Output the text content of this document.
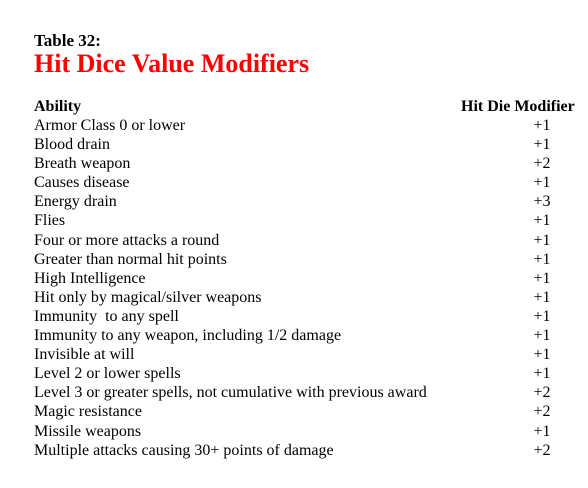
Table 32:
Hit Dice Value Modifiers
Ability	Hit Die Modifier
Armor Class 0 or lower	+1
Blood drain	+1
Breath weapon	+2
Causes disease	+1
Energy drain	+3
Flies	+1
Four or more attacks a round	+1
Greater than normal hit points	+1
High Intelligence	+1
Hit only by magical/silver weapons	+1
Immunity  to any spell	+1
Immunity to any weapon, including 1/2 damage	+1
Invisible at will	+1
Level 2 or lower spells	+1
Level 3 or greater spells, not cumulative with previous award	+2
Magic resistance	+2
Missile weapons	+1
Multiple attacks causing 30+ points of damage	+2
